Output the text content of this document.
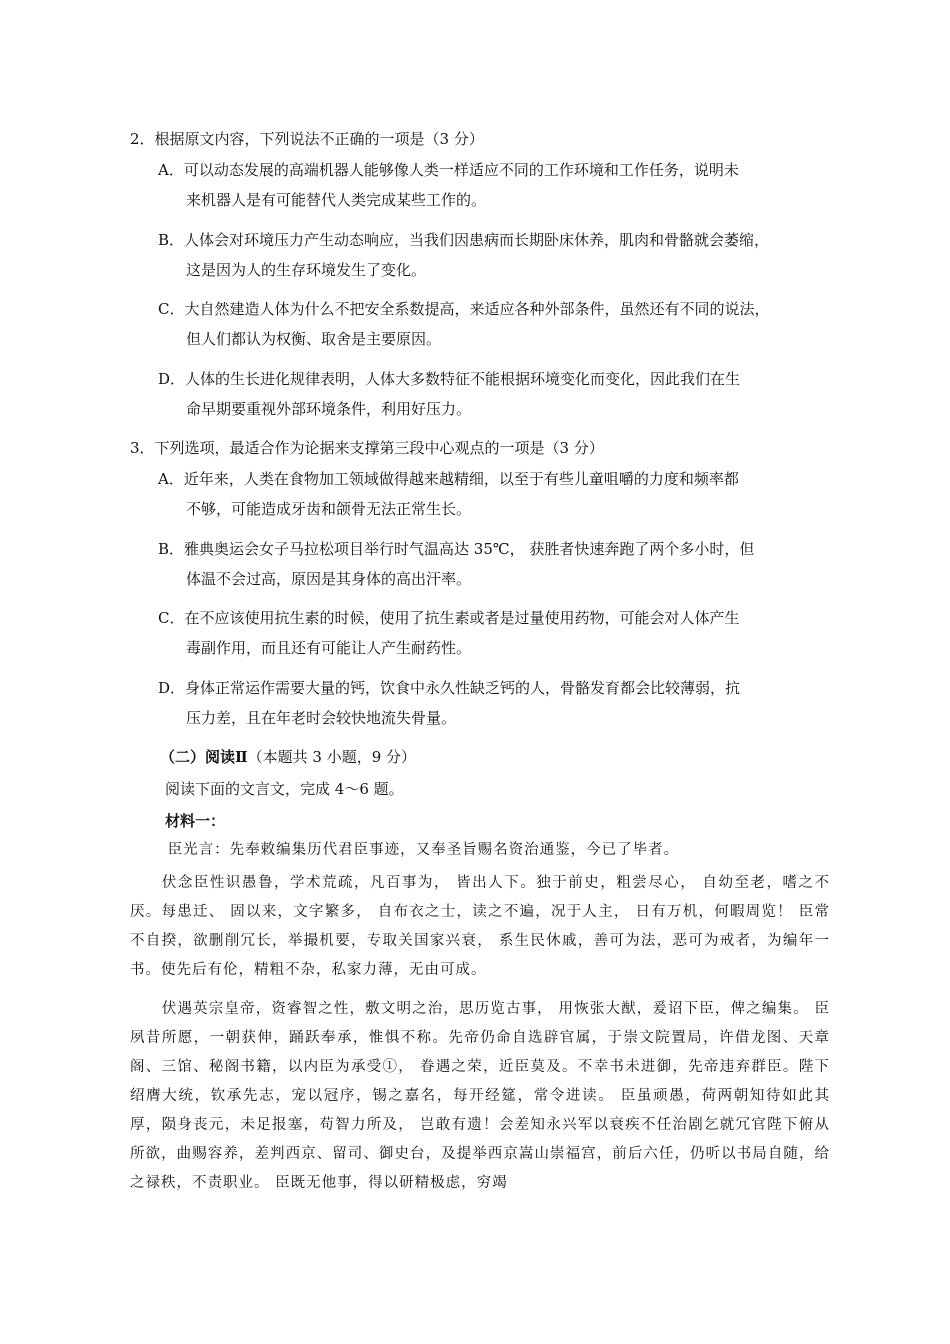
2．根据原文内容，下列说法不正确的一项是（3 分）
A．可以动态发展的高端机器人能够像人类一样适应不同的工作环境和工作任务，说明未
来机器人是有可能替代人类完成某些工作的。
B．人体会对环境压力产生动态响应，当我们因患病而长期卧床休养，肌肉和骨骼就会萎缩，
这是因为人的生存环境发生了变化。
C．大自然建造人体为什么不把安全系数提高，来适应各种外部条件，虽然还有不同的说法，
但人们都认为权衡、取舍是主要原因。
D．人体的生长进化规律表明，人体大多数特征不能根据环境变化而变化，因此我们在生
命早期要重视外部环境条件，利用好压力。
3．下列选项，最适合作为论据来支撑第三段中心观点的一项是（3 分）
A．近年来，人类在食物加工领域做得越来越精细，以至于有些儿童咀嚼的力度和频率都
不够，可能造成牙齿和颌骨无法正常生长。
B．雅典奥运会女子马拉松项目举行时气温高达 35℃， 获胜者快速奔跑了两个多小时，但
体温不会过高，原因是其身体的高出汗率。
C．在不应该使用抗生素的时候，使用了抗生素或者是过量使用药物，可能会对人体产生
毒副作用，而且还有可能让人产生耐药性。
D．身体正常运作需要大量的钙，饮食中永久性缺乏钙的人，骨骼发育都会比较薄弱，抗
压力差，且在年老时会较快地流失骨量。
（二）阅读Ⅱ（本题共 3 小题，9 分）
阅读下面的文言文，完成 4～6 题。
材料一：

臣光言：先奉敕编集历代君臣事迹，又奉圣旨赐名资治通鉴，今已了毕者。

伏念臣性识愚鲁，学术荒疏，凡百事为， 皆出人下。独于前史，粗尝尽心， 自幼至老，嗜之不厌。每患迁、 固以来，文字繁多， 自布衣之士，读之不遍，况于人主， 日有万机，何暇周览！ 臣常不自揆，欲删削冗长，举撮机要，专取关国家兴衰， 系生民休戚，善可为法，恶可为戒者，为编年一书。使先后有伦，精粗不杂，私家力薄，无由可成。

伏遇英宗皇帝，资睿智之性，敷文明之治，思历览古事， 用恢张大猷，爰诏下臣，俾之编集。 臣夙昔所愿，一朝获伸，踊跃奉承，惟惧不称。先帝仍命自选辟官属，于崇文院置局，许借龙图、天章阁、三馆、秘阁书籍，以内臣为承受①， 眷遇之荣，近臣莫及。不幸书未进御，先帝违弃群臣。陛下绍膺大统，钦承先志，宠以冠序，锡之嘉名，每开经筵，常令进读。 臣虽顽愚，荷两朝知待如此其厚，陨身丧元，未足报塞，苟智力所及， 岂敢有遗！会差知永兴军以衰疾不任治剧乞就冗官陛下俯从所欲，曲赐容养，差判西京、留司、御史台，及提举西京嵩山崇福宫，前后六任，仍听以书局自随，给之禄秩，不责职业。 臣既无他事，得以研精极虑，穷竭
